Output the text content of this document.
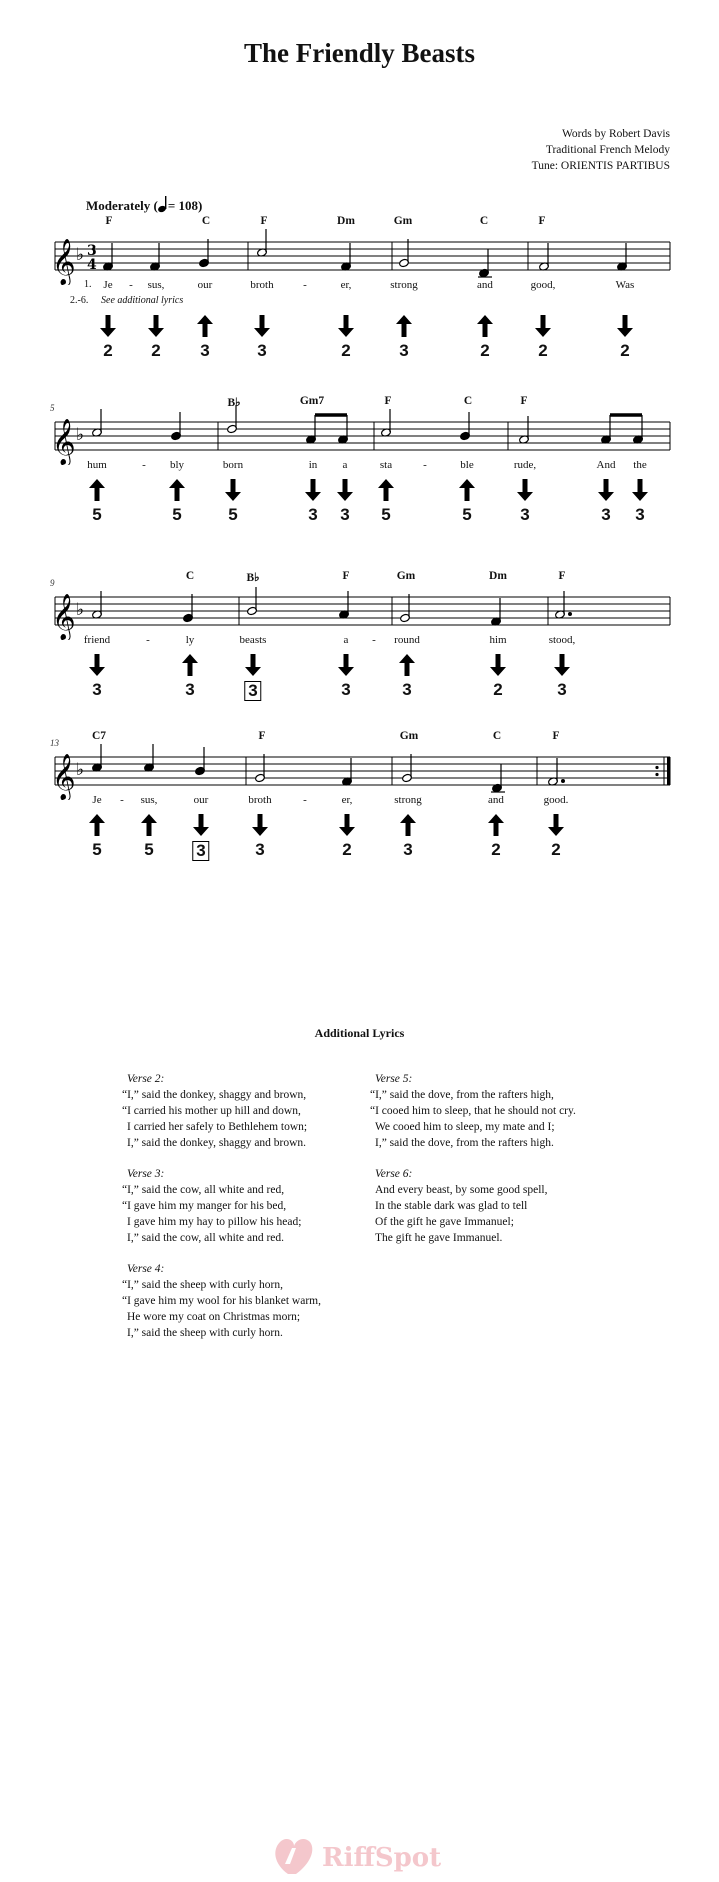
The Friendly Beasts
Words by Robert Davis
Traditional French Melody
Tune: ORIENTIS PARTIBUS
Moderately ( = 108)
𝄞 ♭ 3
4
F	C	F	Dm	Gm	C	F
1.
2.-6. See additional lyrics
Je - sus,	our	broth	-	er,	strong	and	good,	Was
2 2 3	3	2	3	2	2	2
𝄞 ♭
5	B♭	Gm7	F	C	F
hum	- bly	born	in a	sta	-	ble	rude,	And the
5	5	5	3 3 5	5	3	3 3
𝄞 ♭
9
C	B♭	F	Gm	Dm	F
friend	-	ly	beasts	a - round	him	stood,
3	3	3	3	3	2	3
𝄞 ♭
13
C7	F	Gm	C	F
Je - sus,	our	broth	-	er,	strong	and	good.
5	5	3	3	2	3	2	2
Additional Lyrics
Verse 2:
“I,” said the donkey, shaggy and brown,
“I carried his mother up hill and down,
I carried her safely to Bethlehem town;
I,” said the donkey, shaggy and brown.
Verse 3:
“I,” said the cow, all white and red,
“I gave him my manger for his bed,
I gave him my hay to pillow his head;
I,” said the cow, all white and red.
Verse 4:
“I,” said the sheep with curly horn,
“I gave him my wool for his blanket warm,
He wore my coat on Christmas morn;
I,” said the sheep with curly horn.
Verse 5:
“I,” said the dove, from the rafters high,
“I cooed him to sleep, that he should not cry.
We cooed him to sleep, my mate and I;
I,” said the dove, from the rafters high.
Verse 6:
And every beast, by some good spell,
In the stable dark was glad to tell
Of the gift he gave Immanuel;
The gift he gave Immanuel.
RiffSpot
